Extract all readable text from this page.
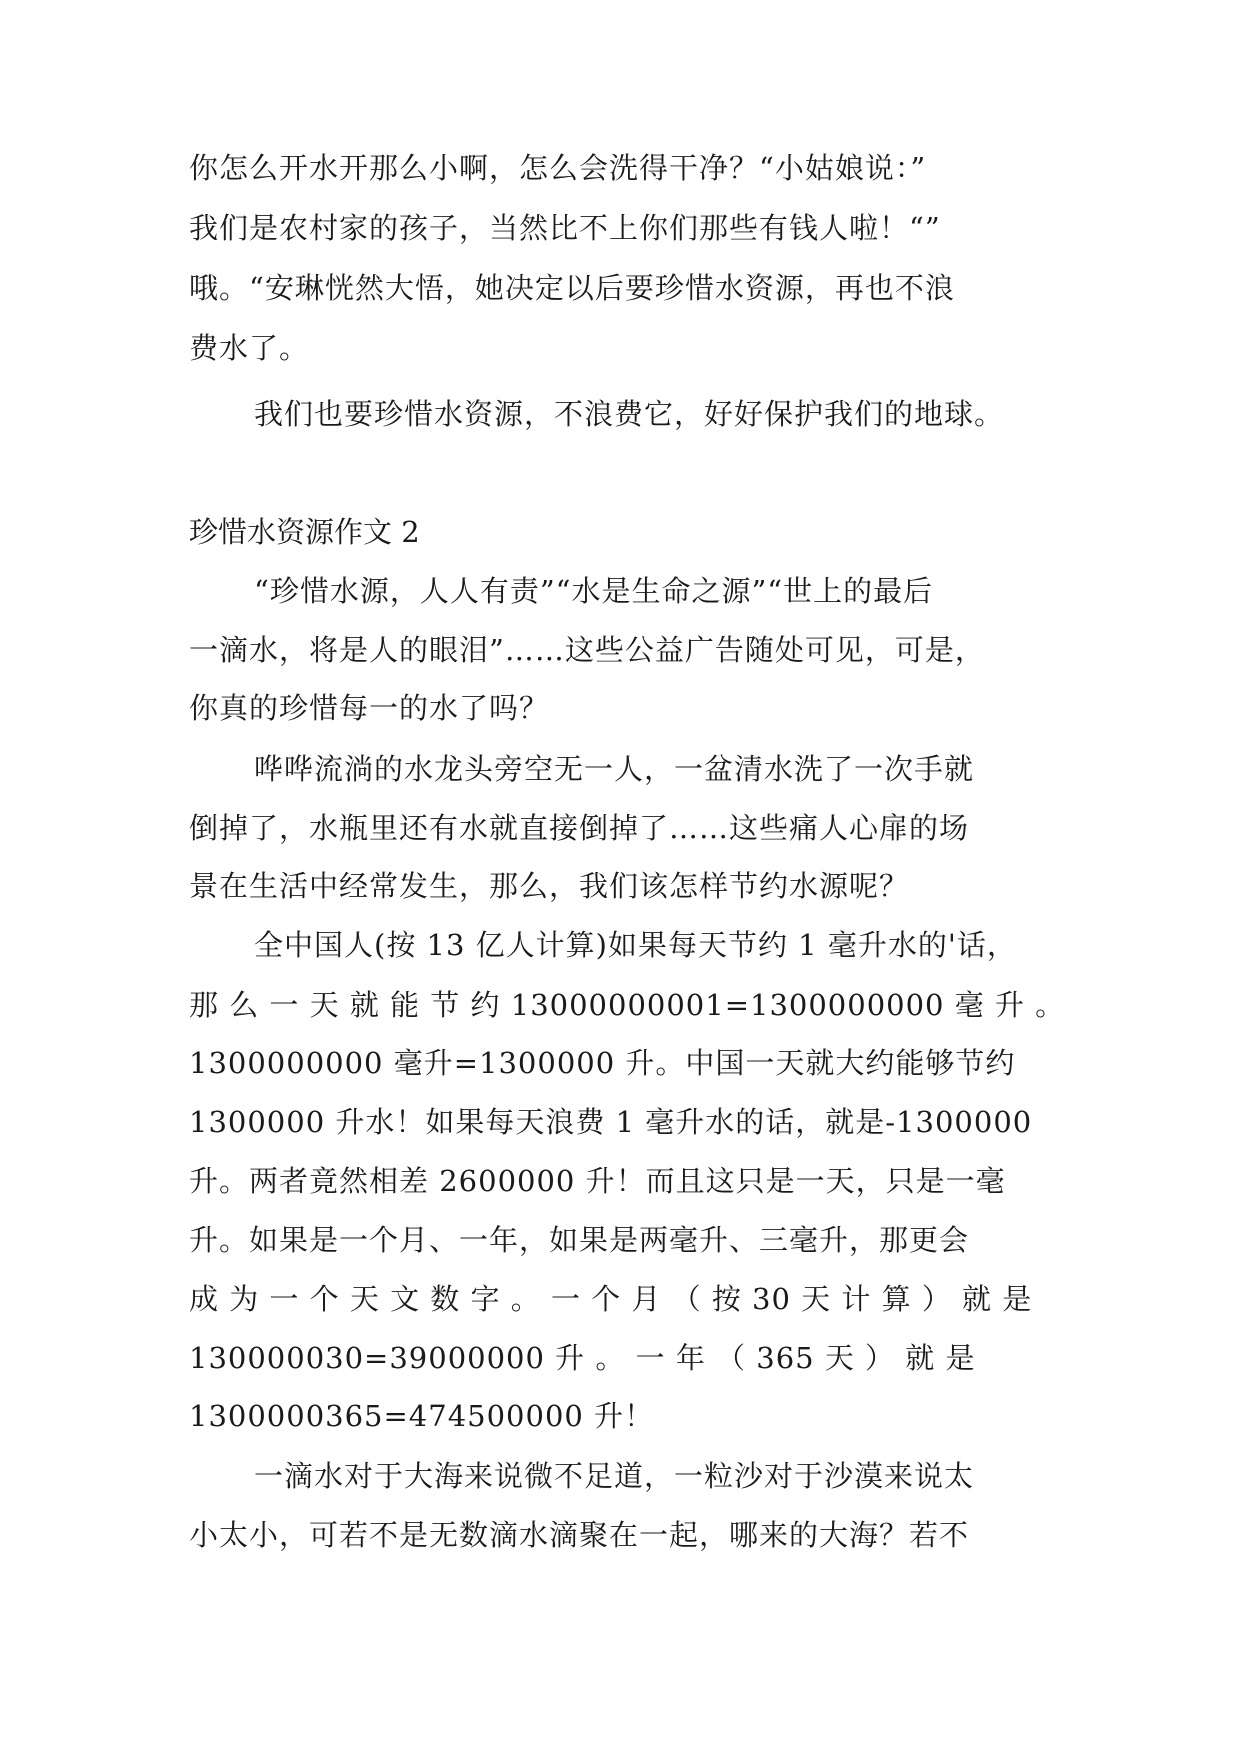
你怎么开水开那么小啊，怎么会洗得干净？“小姑娘说：”
我们是农村家的孩子，当然比不上你们那些有钱人啦！“”
哦。“安琳恍然大悟，她决定以后要珍惜水资源，再也不浪
费水了。
我们也要珍惜水资源，不浪费它，好好保护我们的地球。
珍惜水资源作文 2
“珍惜水源，人人有责”“水是生命之源”“世上的最后
一滴水，将是人的眼泪”……这些公益广告随处可见，可是，
你真的珍惜每一的水了吗？
哗哗流淌的水龙头旁空无一人，一盆清水洗了一次手就
倒掉了，水瓶里还有水就直接倒掉了……这些痛人心扉的场
景在生活中经常发生，那么，我们该怎样节约水源呢？
全中国人(按 13 亿人计算)如果每天节约 1 毫升水的'话，
那 么 一 天 就 能 节 约 13000000001=1300000000 毫 升 。
1300000000 毫升=1300000 升。中国一天就大约能够节约
1300000 升水！如果每天浪费 1 毫升水的话，就是-1300000
升。两者竟然相差 2600000 升！而且这只是一天，只是一毫
升。如果是一个月、一年，如果是两毫升、三毫升，那更会
成 为 一 个 天 文 数 字 。 一 个 月 （ 按 30 天 计 算 ） 就 是
130000030=39000000 升 。 一 年 （ 365 天 ） 就 是
1300000365=474500000 升！
一滴水对于大海来说微不足道，一粒沙对于沙漠来说太
小太小，可若不是无数滴水滴聚在一起，哪来的大海？若不
